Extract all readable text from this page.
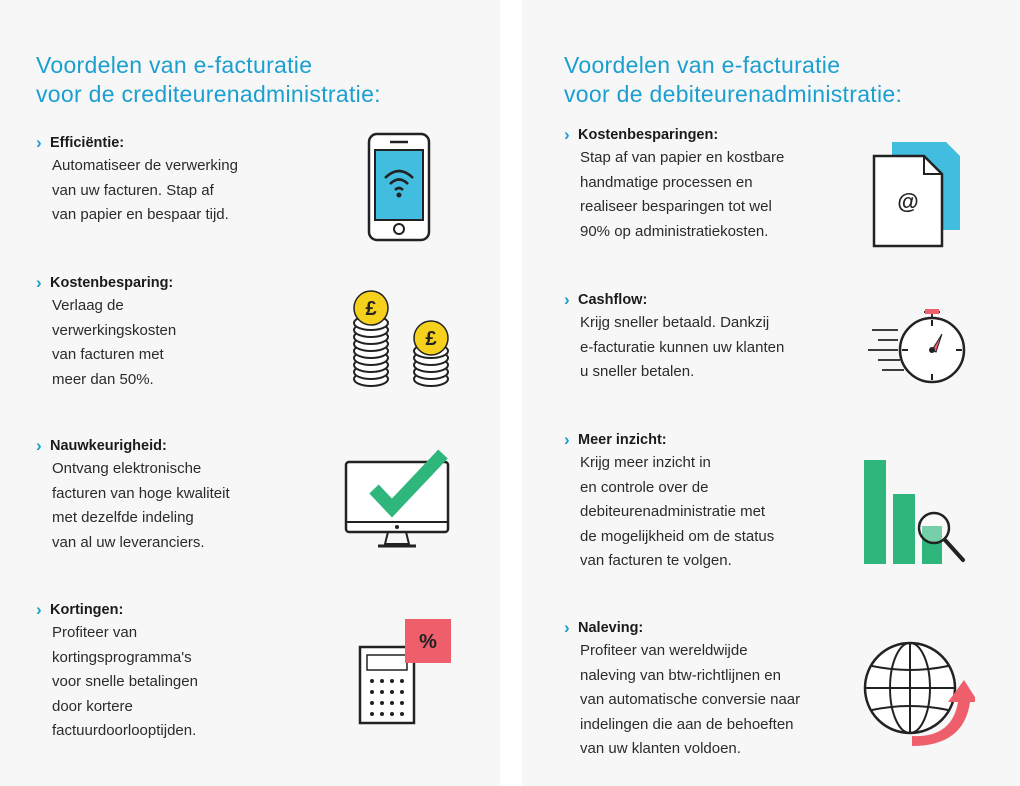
Voordelen van e-facturatie
voor de crediteurenadministratie:
› Efficiëntie:
Automatiseer de verwerking
van uw facturen. Stap af
van papier en bespaar tijd.
› Kostenbesparing:
Verlaag de
verwerkingskosten
van facturen met
meer dan 50%.
› Nauwkeurigheid:
Ontvang elektronische
facturen van hoge kwaliteit
met dezelfde indeling
van al uw leveranciers.
› Kortingen:
Profiteer van
kortingsprogramma's
voor snelle betalingen
door kortere
factuurdoorlooptijden.
£
£
%
Voordelen van e-facturatie
voor de debiteurenadministratie:
› Kostenbesparingen:
Stap af van papier en kostbare
handmatige processen en
realiseer besparingen tot wel
90% op administratiekosten.
› Cashflow:
Krijg sneller betaald. Dankzij
e-facturatie kunnen uw klanten
u sneller betalen.
› Meer inzicht:
Krijg meer inzicht in
en controle over de
debiteurenadministratie met
de mogelijkheid om de status
van facturen te volgen.
› Naleving:
Profiteer van wereldwijde
naleving van btw-richtlijnen en
van automatische conversie naar
indelingen die aan de behoeften
van uw klanten voldoen.
@
